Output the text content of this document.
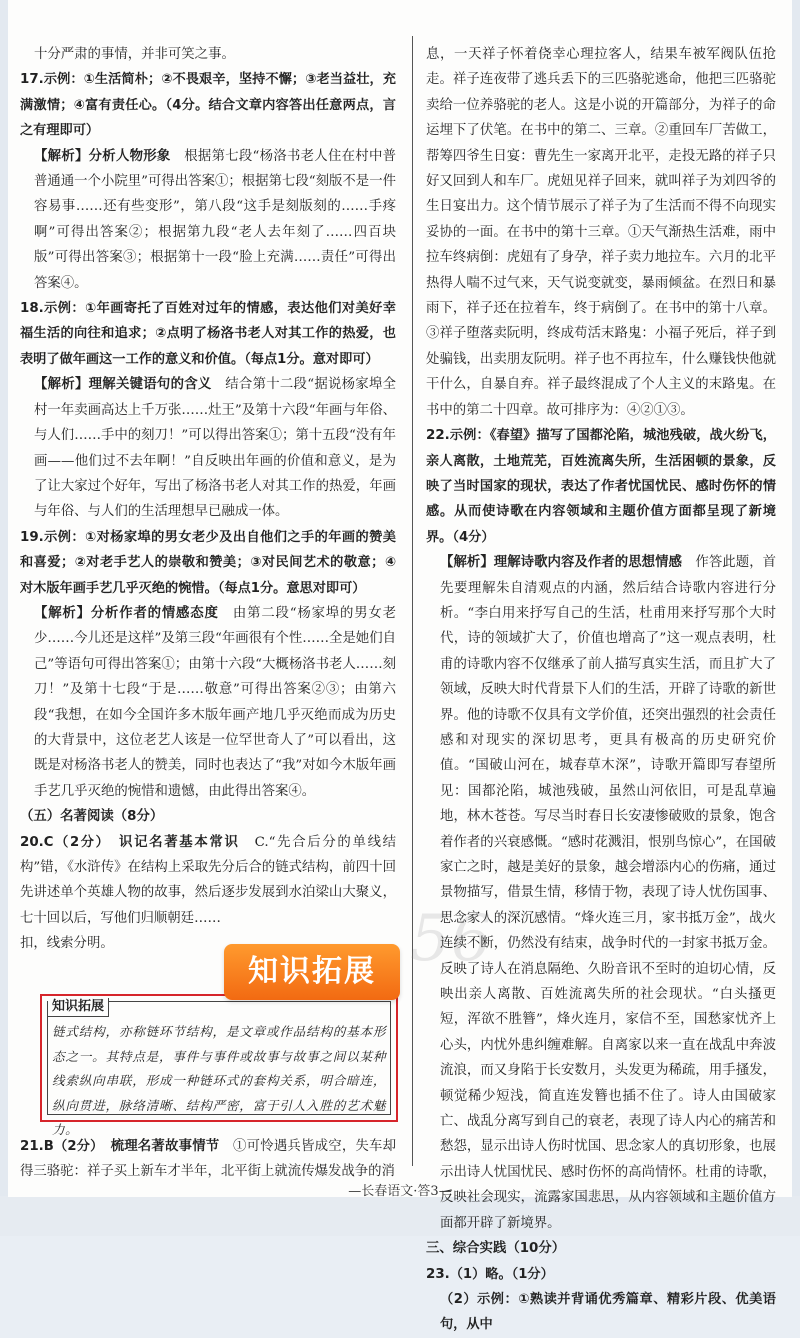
十分严肃的事情，并非可笑之事。

17.示例：①生活简朴；②不畏艰辛，坚持不懈；③老当益壮，充满激情；④富有责任心。（4分。结合文章内容答出任意两点，言之有理即可）

【解析】分析人物形象　 根据第七段“杨洛书老人住在村中普普通通一个小院里”可得出答案①；根据第七段“刻版不是一件容易事……还有些变形”，第八段“这手是刻版刻的……手疼啊”可得出答案②；根据第九段“老人去年刻了……四百块版”可得出答案③；根据第十一段“脸上充满……责任”可得出答案④。

18.示例：①年画寄托了百姓对过年的情感，表达他们对美好幸福生活的向往和追求；②点明了杨洛书老人对其工作的热爱，也表明了做年画这一工作的意义和价值。（每点1分。意对即可）

【解析】理解关键语句的含义　 结合第十二段“据说杨家埠全村一年卖画高达上千万张……灶王”及第十六段“年画与年俗、与人们……手中的刻刀！”可以得出答案①；第十五段“没有年画——他们过不去年啊！”自反映出年画的价值和意义，是为了让大家过个好年，写出了杨洛书老人对其工作的热爱，年画与年俗、与人们的生活理想早已融成一体。

19.示例：①对杨家埠的男女老少及出自他们之手的年画的赞美和喜爱；②对老手艺人的崇敬和赞美；③对民间艺术的敬意；④对木版年画手艺几乎灭绝的惋惜。（每点1分。意思对即可）

【解析】分析作者的情感态度　 由第二段“杨家埠的男女老少……今儿还是这样”及第三段“年画很有个性……全是她们自己”等语句可得出答案①；由第十六段“大概杨洛书老人……刻刀！”及第十七段“于是……敬意”可得出答案②③；由第六段“我想，在如今全国许多木版年画产地几乎灭绝而成为历史的大背景中，这位老艺人该是一位罕世奇人了”可以看出，这既是对杨洛书老人的赞美，同时也表达了“我”对如今木版年画手艺几乎灭绝的惋惜和遗憾，由此得出答案④。

（五）名著阅读（8分）

20.C（2分）　 识记名著基本常识　 C.“先合后分的单线结构”错，《水浒传》在结构上采取先分后合的链式结构，前四十回先讲述单个英雄人物的故事，然后逐步发展到水泊梁山大聚义，七十回以后，写他们归顺朝廷……

扣，线索分明。

知识拓展
链式结构，亦称链环节结构，是文章或作品结构的基本形态之一。其特点是，事件与事件或故事与故事之间以某种线索纵向串联，形成一种链环式的套构关系，明合暗连，纵向贯进，脉络清晰、结构严密，富于引人入胜的艺术魅力。

21.B（2分）　 梳理名著故事情节　 ①可怜遇兵皆成空，失车却得三骆驼：祥子买上新车才半年，北平街上就流传爆发战争的消

知识拓展 56

息，一天祥子怀着侥幸心理拉客人，结果车被军阀队伍抢走。祥子连夜带了逃兵丢下的三匹骆驼逃命，他把三匹骆驼卖给一位养骆驼的老人。这是小说的开篇部分，为祥子的命运埋下了伏笔。在书中的第二、三章。②重回车厂苦做工，帮筹四爷生日宴：曹先生一家离开北平，走投无路的祥子只好又回到人和车厂。虎妞见祥子回来，就叫祥子为刘四爷的生日宴出力。这个情节展示了祥子为了生活而不得不向现实妥协的一面。在书中的第十三章。①天气渐热生活难，雨中拉车终病倒：虎妞有了身孕，祥子卖力地拉车。六月的北平热得人喘不过气来，天气说变就变，暴雨倾盆。在烈日和暴雨下，祥子还在拉着车，终于病倒了。在书中的第十八章。③祥子堕落卖阮明，终成苟活末路鬼：小福子死后，祥子到处骗钱，出卖朋友阮明。祥子也不再拉车，什么赚钱快他就干什么，自暴自弃。祥子最终混成了个人主义的末路鬼。在书中的第二十四章。故可排序为：④②①③。

22.示例：《春望》描写了国都沦陷，城池残破，战火纷飞，亲人离散，土地荒芜，百姓流离失所，生活困顿的景象，反映了当时国家的现状，表达了作者忧国忧民、感时伤怀的情感。从而使诗歌在内容领域和主题价值方面都呈现了新境界。（4分）

【解析】理解诗歌内容及作者的思想情感　 作答此题，首先要理解朱自清观点的内涵，然后结合诗歌内容进行分析。“李白用来抒写自己的生活，杜甫用来抒写那个大时代，诗的领域扩大了，价值也增高了”这一观点表明，杜甫的诗歌内容不仅继承了前人描写真实生活，而且扩大了领域，反映大时代背景下人们的生活，开辟了诗歌的新世界。他的诗歌不仅具有文学价值，还突出强烈的社会责任感和对现实的深切思考，更具有极高的历史研究价值。“国破山河在，城春草木深”，诗歌开篇即写春望所见：国都沦陷，城池残破，虽然山河依旧，可是乱草遍地，林木苍苍。写尽当时春日长安凄惨破败的景象，饱含着作者的兴衰感慨。“感时花溅泪，恨别鸟惊心”，在国破家亡之时，越是美好的景象，越会增添内心的伤痛，通过景物描写，借景生情，移情于物，表现了诗人忧伤国事、思念家人的深沉感情。“烽火连三月，家书抵万金”，战火连续不断，仍然没有结束，战争时代的一封家书抵万金。反映了诗人在消息隔绝、久盼音讯不至时的迫切心情，反映出亲人离散、百姓流离失所的社会现状。“白头搔更短，浑欲不胜簪”，烽火连月，家信不至，国愁家忧齐上心头，内忧外患纠缠难解。自离家以来一直在战乱中奔波流浪，而又身陷于长安数月，头发更为稀疏，用手搔发，顿觉稀少短浅，简直连发簪也插不住了。诗人由国破家亡、战乱分离写到自己的衰老，表现了诗人内心的痛苦和愁怨，显示出诗人伤时忧国、思念家人的真切形象，也展示出诗人忧国忧民、感时伤怀的高尚情怀。杜甫的诗歌，反映社会现实，流露家国悲思，从内容领域和主题价值方面都开辟了新境界。

三、综合实践（10分）

23.（1）略。（1分）

（2）示例：①熟读并背诵优秀篇章、精彩片段、优美语句，从中

—长春语文·答3—
